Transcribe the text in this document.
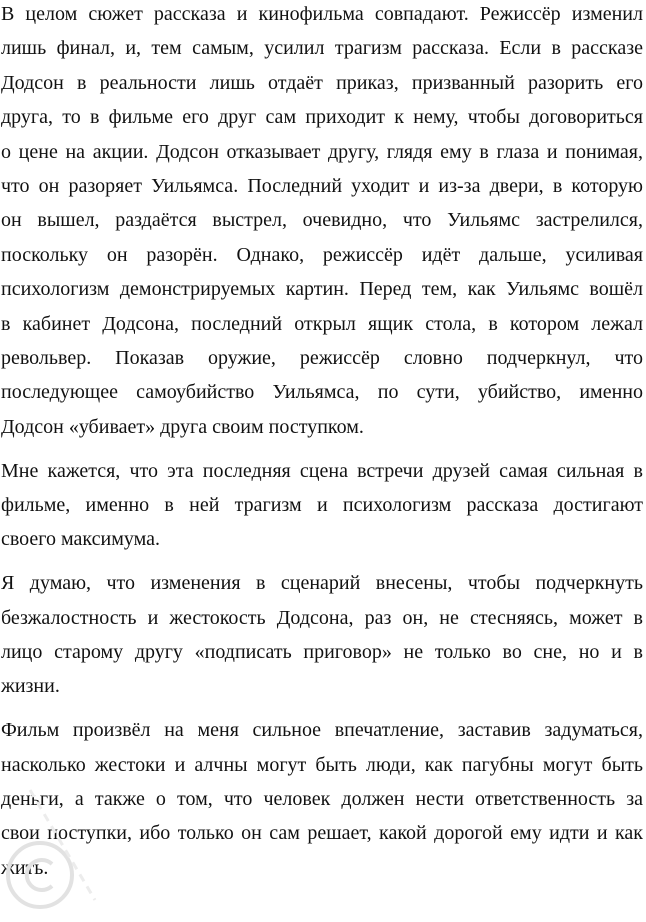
В целом сюжет рассказа и кинофильма совпадают. Режиссёр изменил
лишь финал, и, тем самым, усилил трагизм рассказа. Если в рассказе
Додсон в реальности лишь отдаёт приказ, призванный разорить его
друга, то в фильме его друг сам приходит к нему, чтобы договориться
о цене на акции. Додсон отказывает другу, глядя ему в глаза и понимая,
что он разоряет Уильямса. Последний уходит и из-за двери, в которую
он вышел, раздаётся выстрел, очевидно, что Уильямс застрелился,
поскольку он разорён. Однако, режиссёр идёт дальше, усиливая
психологизм демонстрируемых картин. Перед тем, как Уильямс вошёл
в кабинет Додсона, последний открыл ящик стола, в котором лежал
револьвер. Показав оружие, режиссёр словно подчеркнул, что
последующее самоубийство Уильямса, по сути, убийство, именно
Додсон «убивает» друга своим поступком.
Мне кажется, что эта последняя сцена встречи друзей самая сильная в
фильме, именно в ней трагизм и психологизм рассказа достигают
своего максимума.
Я думаю, что изменения в сценарий внесены, чтобы подчеркнуть
безжалостность и жестокость Додсона, раз он, не стесняясь, может в
лицо старому другу «подписать приговор» не только во сне, но и в
жизни.
Фильм произвёл на меня сильное впечатление, заставив задуматься,
насколько жестоки и алчны могут быть люди, как пагубны могут быть
деньги, а также о том, что человек должен нести ответственность за
свои поступки, ибо только он сам решает, какой дорогой ему идти и как
жить.
